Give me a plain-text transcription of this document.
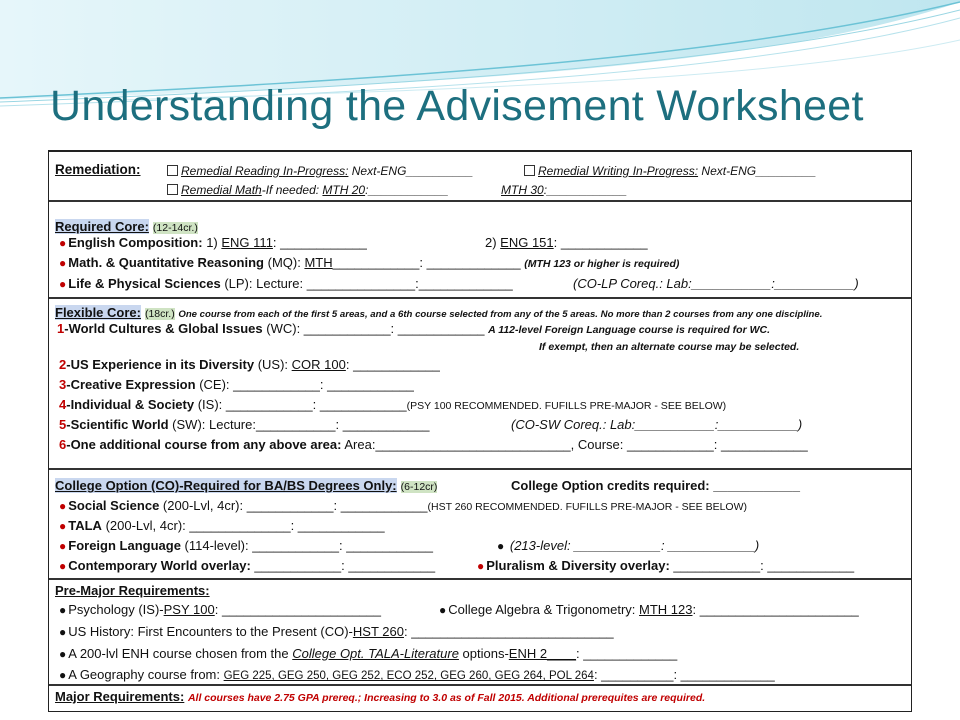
Understanding the Advisement Worksheet
Remediation:	Remedial Reading In-Progress: Next-ENG__________	Remedial Writing In-Progress: Next-ENG_________
Remedial Math-If needed: MTH 20:____________	MTH 30:____________
Required Core: (12-14cr.)
● English Composition: 1) ENG 111: ____________	2) ENG 151: ____________
● Math. & Quantitative Reasoning (MQ): MTH____________: _____________ (MTH 123 or higher is required)
● Life & Physical Sciences (LP): Lecture: _______________:_____________	(CO-LP Coreq.: Lab:___________:___________)
Flexible Core: (18cr.) One course from each of the first 5 areas, and a 6th course selected from any of the 5 areas. No more than 2 courses from any one discipline.
1-World Cultures & Global Issues (WC): ____________: ____________ A 112-level Foreign Language course is required for WC.
If exempt, then an alternate course may be selected.
2-US Experience in its Diversity (US): COR 100: ____________
3-Creative Expression (CE): ____________: ____________
4-Individual & Society (IS): ____________: ____________(PSY 100 RECOMMENDED. FUFILLS PRE-MAJOR - SEE BELOW)
5-Scientific World (SW): Lecture:___________: ____________	(CO-SW Coreq.: Lab:___________:___________)
6-One additional course from any above area: Area:___________________________, Course: ____________: ____________
College Option (CO)-Required for BA/BS Degrees Only: (6-12cr)	College Option credits required: ____________
● Social Science (200-Lvl, 4cr): ____________: ____________(HST 260 RECOMMENDED. FUFILLS PRE-MAJOR - SEE BELOW)
● TALA (200-Lvl, 4cr): ______________: ____________
● Foreign Language (114-level): ____________: ____________	● (213-level: ____________: ____________)
● Contemporary World overlay: ____________: ____________	● Pluralism & Diversity overlay: ____________: ____________
Pre-Major Requirements:
● Psychology (IS)-PSY 100: ______________________	● College Algebra & Trigonometry: MTH 123: ______________________
● US History: First Encounters to the Present (CO)-HST 260: ____________________________
● A 200-lvl ENH course chosen from the College Opt. TALA-Literature options-ENH 2____: _____________
● A Geography course from: GEG 225, GEG 250, GEG 252, ECO 252, GEG 260, GEG 264, POL 264: __________: _____________
Major Requirements: All courses have 2.75 GPA prereq.; Increasing to 3.0 as of Fall 2015. Additional prerequites are required.
